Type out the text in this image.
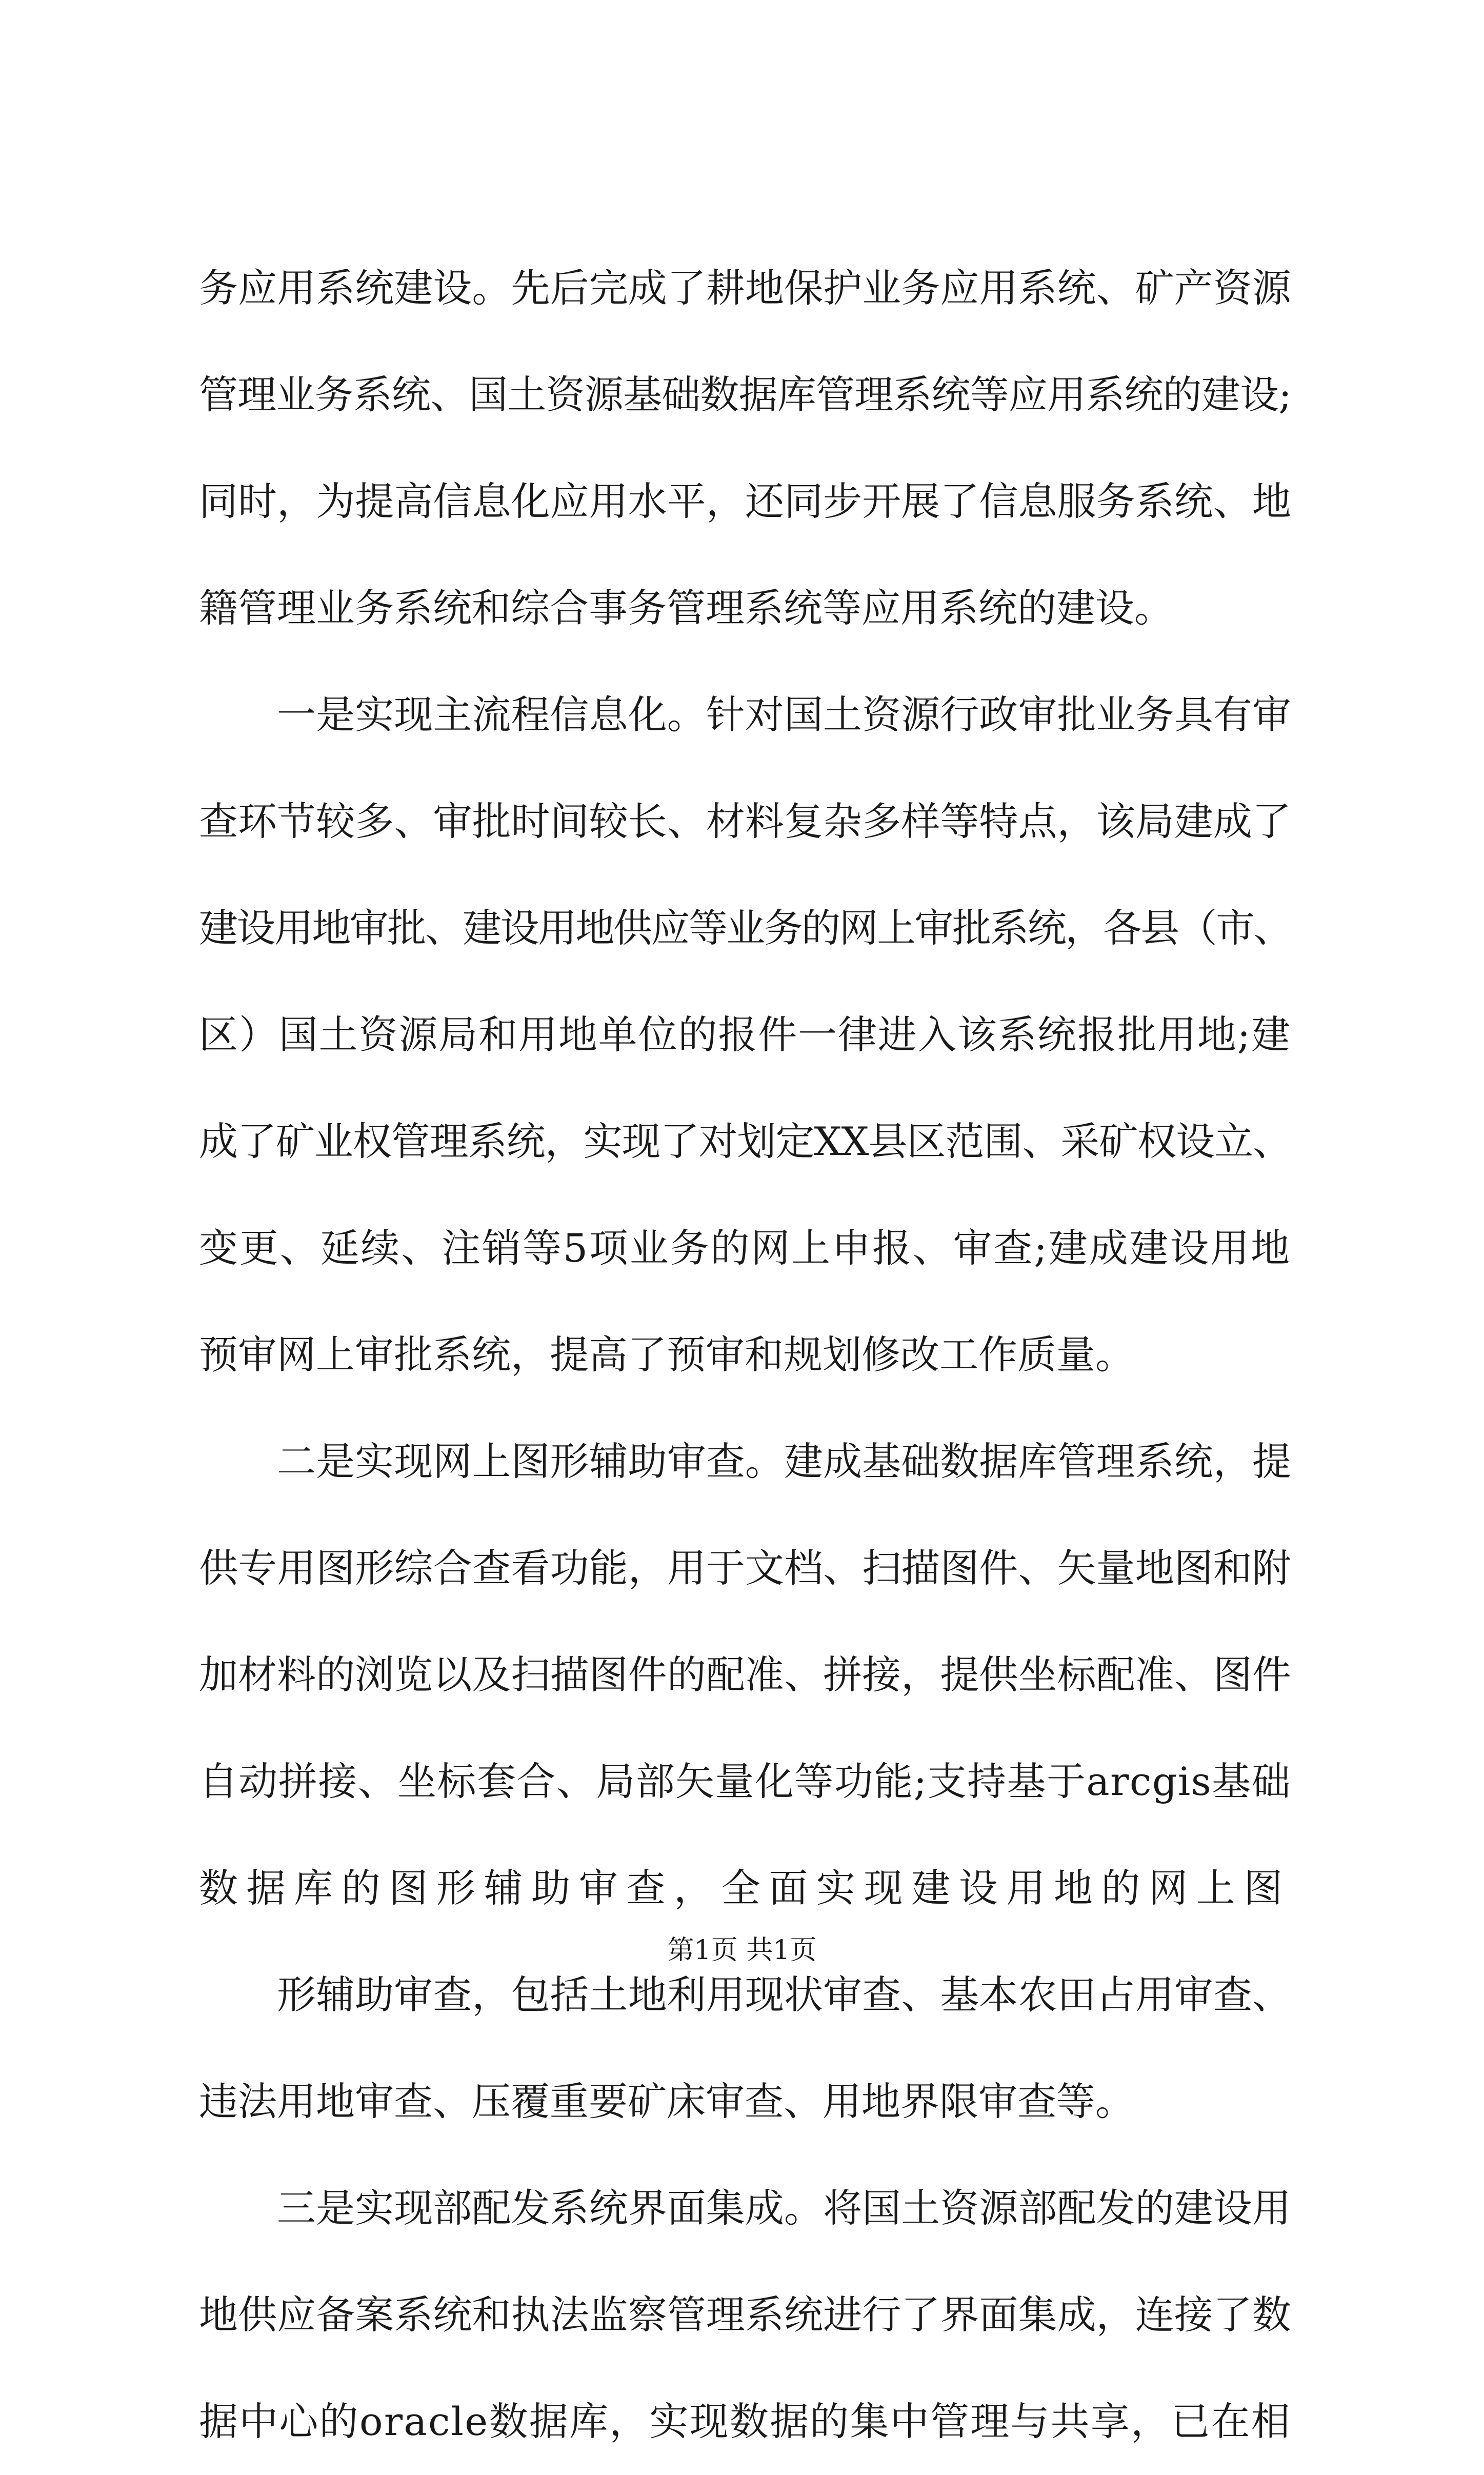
务应用系统建设。先后完成了耕地保护业务应用系统、矿产资源
管理业务系统、国土资源基础数据库管理系统等应用系统的建设;
同时，为提高信息化应用水平，还同步开展了信息服务系统、地
籍管理业务系统和综合事务管理系统等应用系统的建设。
一是实现主流程信息化。针对国土资源行政审批业务具有审
查环节较多、审批时间较长、材料复杂多样等特点，该局建成了
建设用地审批、建设用地供应等业务的网上审批系统，各县（市、
区）国土资源局和用地单位的报件一律进入该系统报批用地;建
成了矿业权管理系统，实现了对划定XX县区范围、采矿权设立、
变更、延续、注销等5项业务的网上申报、审查;建成建设用地
预审网上审批系统，提高了预审和规划修改工作质量。
二是实现网上图形辅助审查。建成基础数据库管理系统，提
供专用图形综合查看功能，用于文档、扫描图件、矢量地图和附
加材料的浏览以及扫描图件的配准、拼接，提供坐标配准、图件
自动拼接、坐标套合、局部矢量化等功能;支持基于arcgis基础
数据库的图形辅助审查，全面实现建设用地的网上图
形辅助审查，包括土地利用现状审查、基本农田占用审查、
违法用地审查、压覆重要矿床审查、用地界限审查等。
三是实现部配发系统界面集成。将国土资源部配发的建设用
地供应备案系统和执法监察管理系统进行了界面集成，连接了数
据中心的oracle数据库，实现数据的集中管理与共享，已在相
第1页 共1页
